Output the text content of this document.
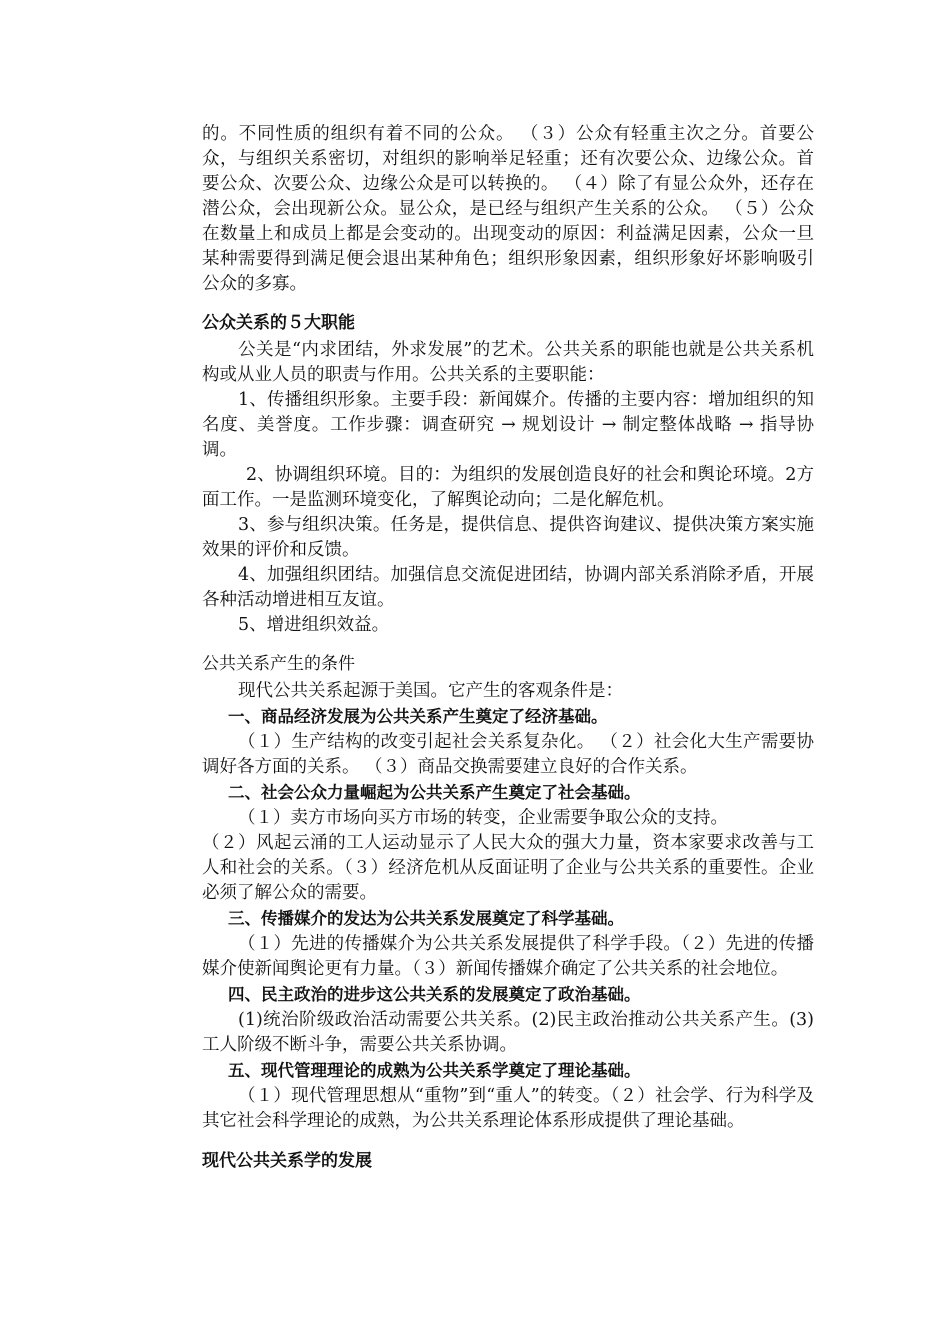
的。不同性质的组织有着不同的公众。 （３）公众有轻重主次之分。首要公众，与组织关系密切，对组织的影响举足轻重；还有次要公众、边缘公众。首要公众、次要公众、边缘公众是可以转换的。 （４）除了有显公众外，还存在潜公众，会出现新公众。显公众，是已经与组织产生关系的公众。 （５）公众在数量上和成员上都是会变动的。出现变动的原因：利益满足因素，公众一旦某种需要得到满足便会退出某种角色；组织形象因素，组织形象好坏影响吸引公众的多寡。

公众关系的５大职能

公关是“内求团结，外求发展”的艺术。公共关系的职能也就是公共关系机构或从业人员的职责与作用。公共关系的主要职能：

1、传播组织形象。主要手段：新闻媒介。传播的主要内容：增加组织的知名度、美誉度。工作步骤：调查研究 → 规划设计 → 制定整体战略 → 指导协调。

2、协调组织环境。目的：为组织的发展创造良好的社会和舆论环境。2方面工作。一是监测环境变化，了解舆论动向；二是化解危机。

3、参与组织决策。任务是，提供信息、提供咨询建议、提供决策方案实施效果的评价和反馈。

4、加强组织团结。加强信息交流促进团结，协调内部关系消除矛盾，开展各种活动增进相互友谊。

5、增进组织效益。

公共关系产生的条件

现代公共关系起源于美国。它产生的客观条件是：

一、商品经济发展为公共关系产生奠定了经济基础。

（１）生产结构的改变引起社会关系复杂化。 （２）社会化大生产需要协调好各方面的关系。 （３）商品交换需要建立良好的合作关系。

二、社会公众力量崛起为公共关系产生奠定了社会基础。

（１）卖方市场向买方市场的转变，企业需要争取公众的支持。

（２）风起云涌的工人运动显示了人民大众的强大力量，资本家要求改善与工人和社会的关系。（３）经济危机从反面证明了企业与公共关系的重要性。企业必须了解公众的需要。

三、传播媒介的发达为公共关系发展奠定了科学基础。

（１）先进的传播媒介为公共关系发展提供了科学手段。（２）先进的传播媒介使新闻舆论更有力量。（３）新闻传播媒介确定了公共关系的社会地位。

四、民主政治的进步这公共关系的发展奠定了政治基础。

(1)统治阶级政治活动需要公共关系。(2)民主政治推动公共关系产生。(3)工人阶级不断斗争，需要公共关系协调。

五、现代管理理论的成熟为公共关系学奠定了理论基础。

（１）现代管理思想从“重物”到“重人”的转变。（２）社会学、行为科学及其它社会科学理论的成熟，为公共关系理论体系形成提供了理论基础。

现代公共关系学的发展
